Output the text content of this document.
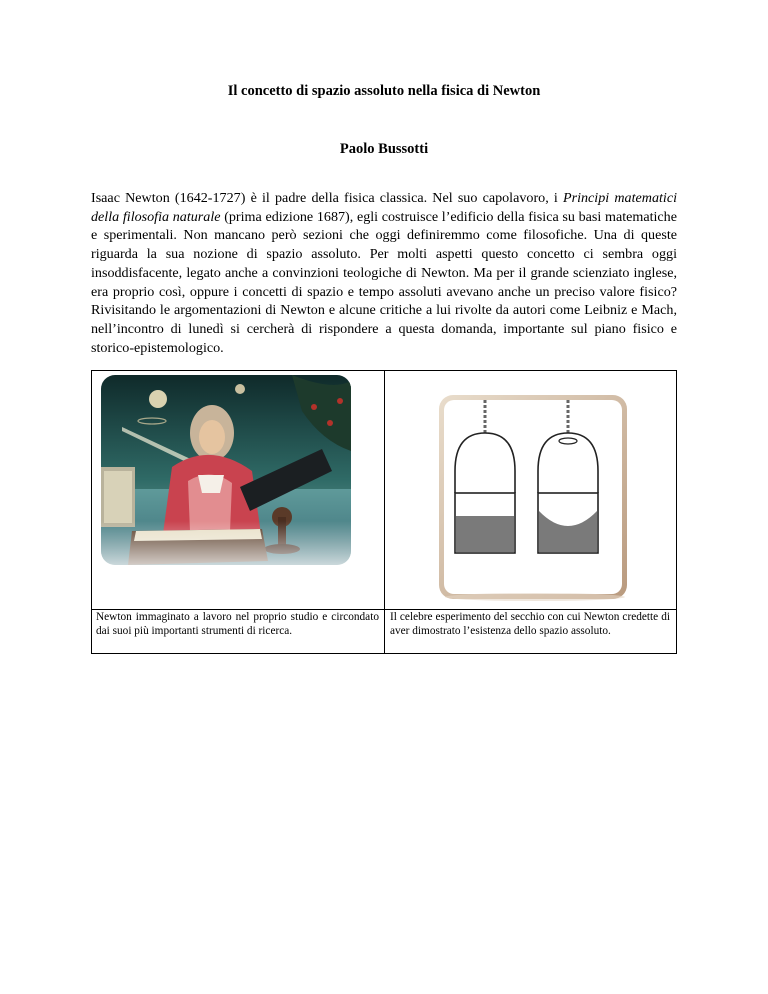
Il concetto di spazio assoluto nella fisica di Newton
Paolo Bussotti
Isaac Newton (1642-1727) è il padre della fisica classica. Nel suo capolavoro, i Principi matematici della filosofia naturale (prima edizione 1687), egli costruisce l’edificio della fisica su basi matematiche e sperimentali. Non mancano però sezioni che oggi definiremmo come filosofiche. Una di queste riguarda la sua nozione di spazio assoluto. Per molti aspetti questo concetto ci sembra oggi insoddisfacente, legato anche a convinzioni teologiche di Newton. Ma per il grande scienziato inglese, era proprio così, oppure i concetti di spazio e tempo assoluti avevano anche un preciso valore fisico? Rivisitando le argomentazioni di Newton e alcune critiche a lui rivolte da autori come Leibniz e Mach, nell’incontro di lunedì si cercherà di rispondere a questa domanda, importante sul piano fisico e storico-epistemologico.
Newton immaginato a lavoro nel proprio studio e circondato dai suoi più importanti strumenti di ricerca.
Il celebre esperimento del secchio con cui Newton credette di aver dimostrato l’esistenza dello spazio assoluto.
